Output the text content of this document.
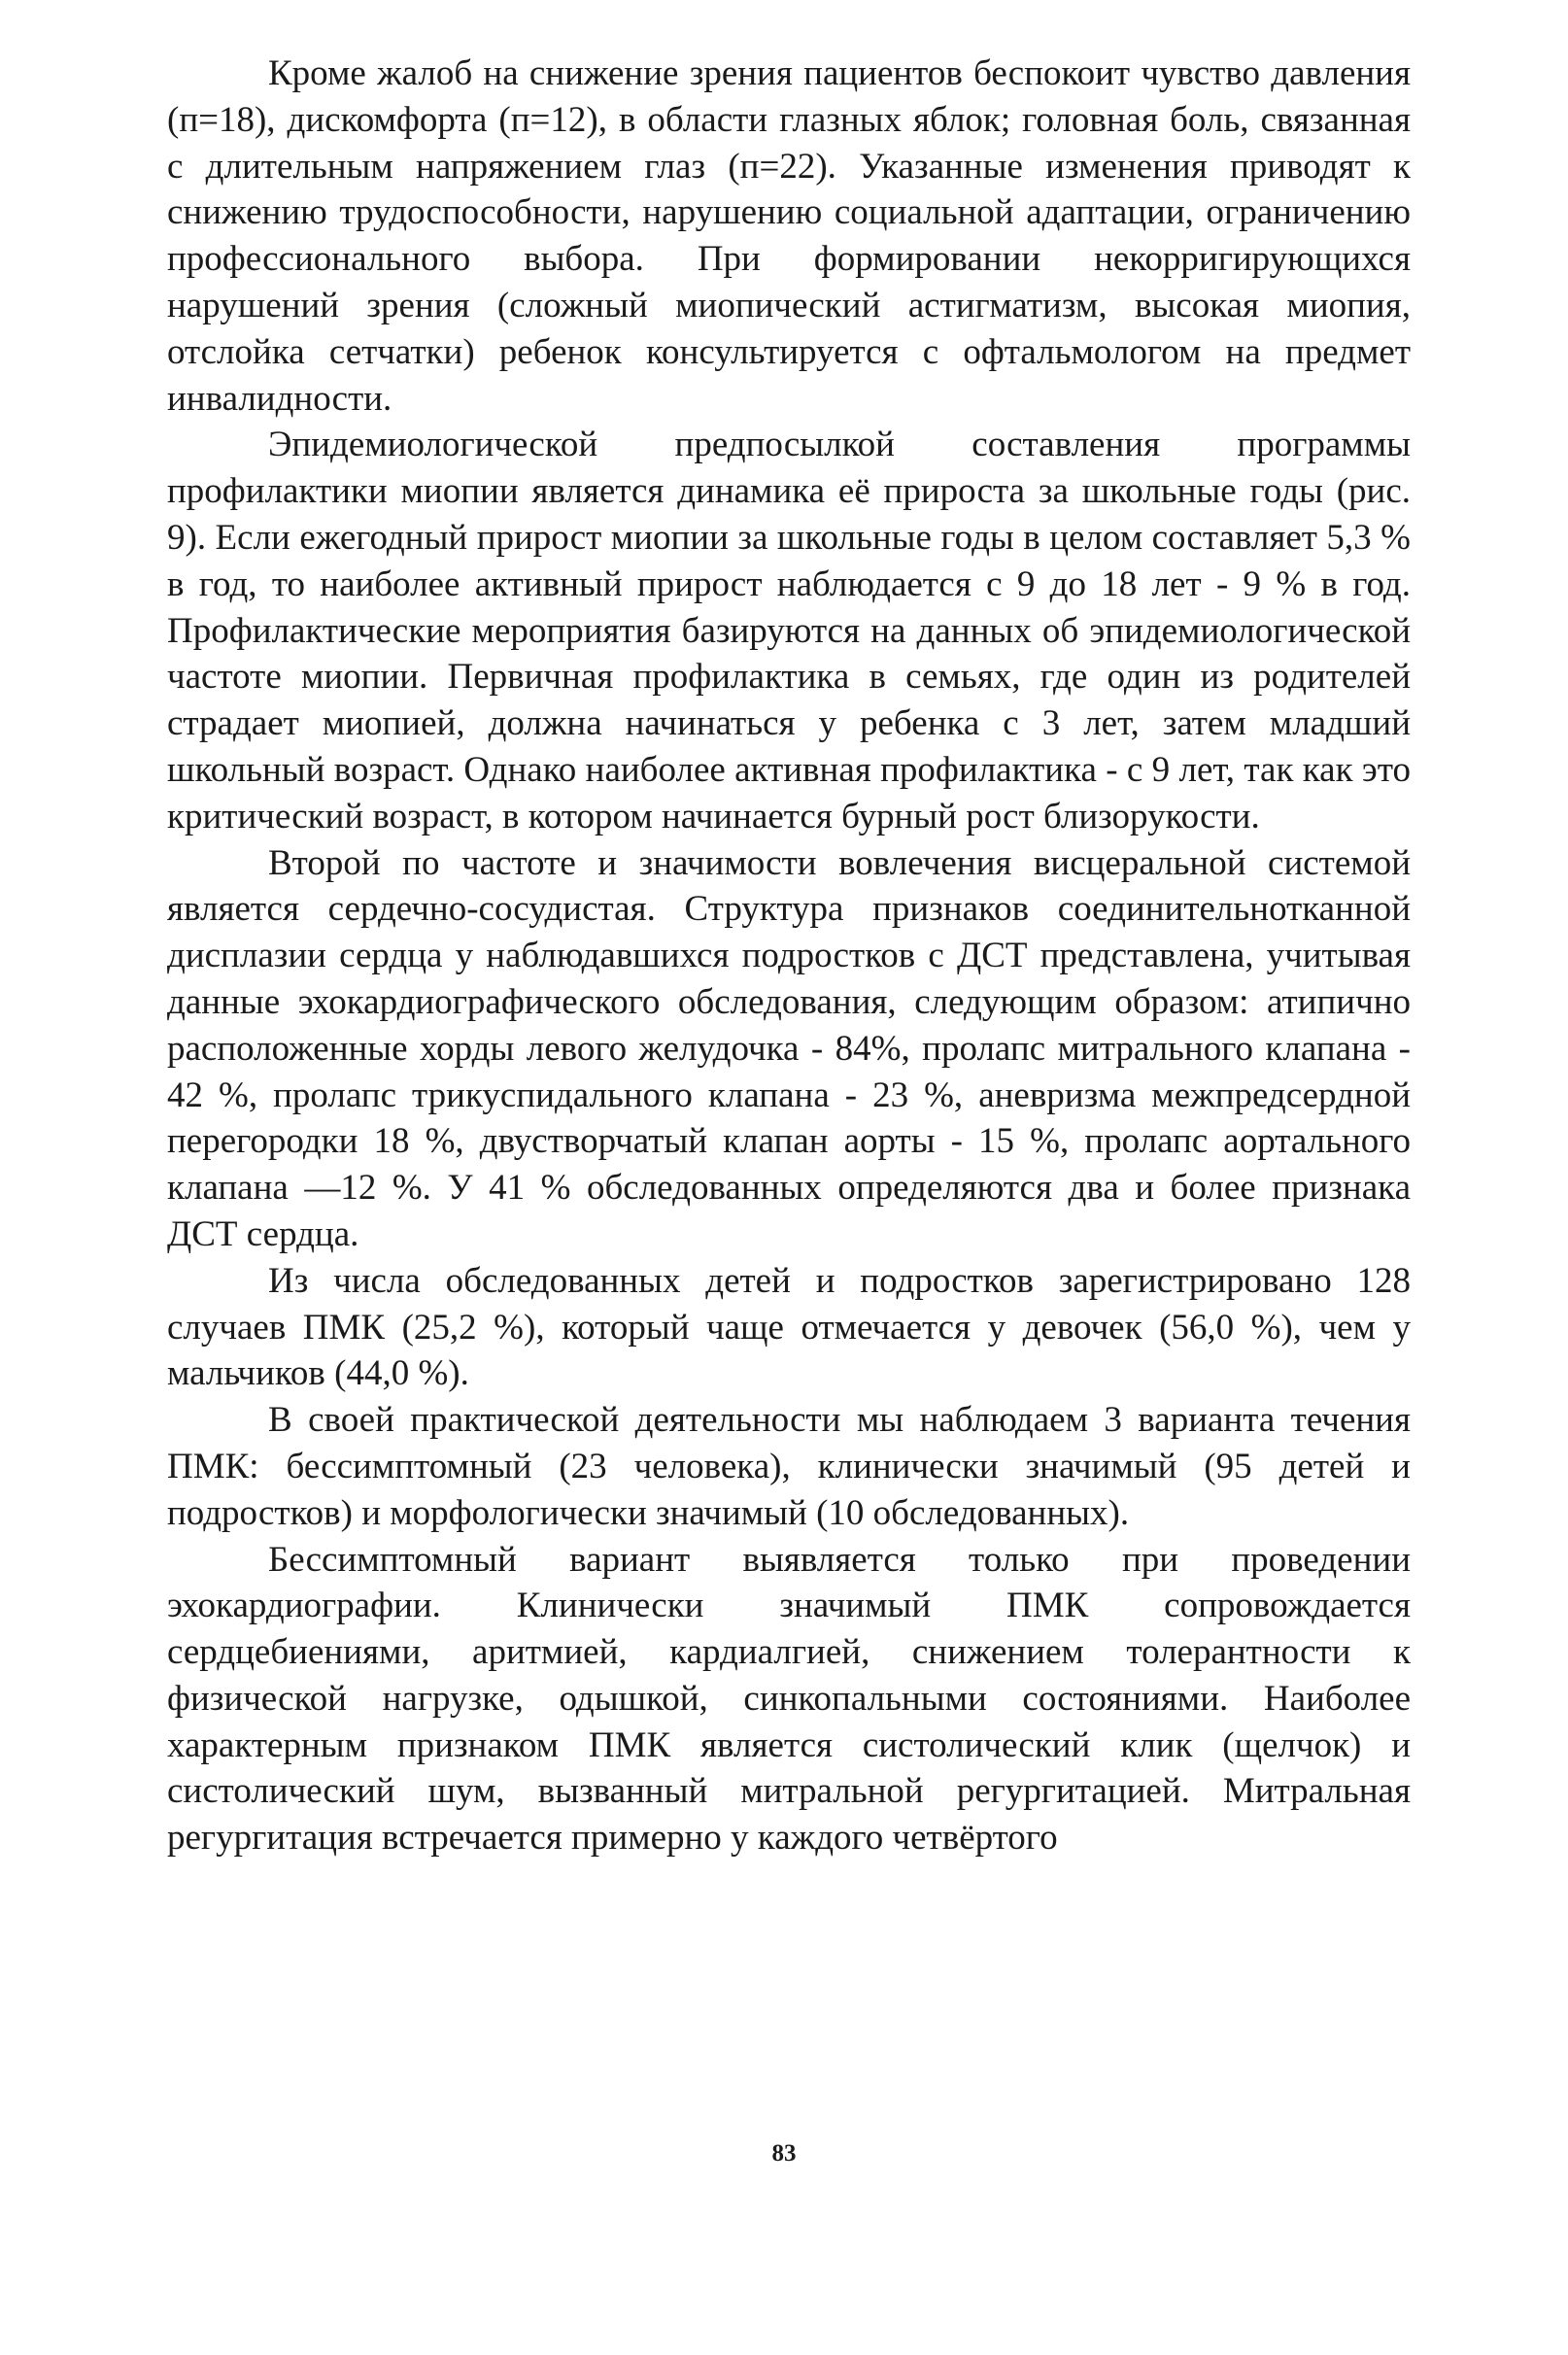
Кроме жалоб на снижение зрения пациентов беспокоит чувство давления (п=18), дискомфорта (п=12), в области глазных яблок; головная боль, связанная с длительным напряжением глаз (п=22). Указанные изменения приводят к снижению трудоспособности, нарушению социальной адаптации, ограничению профессионального выбора. При формировании некорригирующихся нарушений зрения (сложный миопический астигматизм, высокая миопия, отслойка сетчатки) ребенок консультируется с офтальмологом на предмет инвалидности.

Эпидемиологической предпосылкой составления программы профилактики миопии является динамика её прироста за школьные годы (рис. 9). Если ежегодный прирост миопии за школьные годы в целом составляет 5,3 % в год, то наиболее активный прирост наблюдается с 9 до 18 лет - 9 % в год. Профилактические мероприятия базируются на данных об эпидемиологической частоте миопии. Первичная профилактика в семьях, где один из родителей страдает миопией, должна начинаться у ребенка с 3 лет, затем младший школьный возраст. Однако наиболее активная профилактика - с 9 лет, так как это критический возраст, в котором начинается бурный рост близорукости.

Второй по частоте и значимости вовлечения висцеральной системой является сердечно-сосудистая. Структура признаков соединительнотканной дисплазии сердца у наблюдавшихся подростков с ДСТ представлена, учитывая данные эхокардиографического обследования, следующим образом: атипично расположенные хорды левого желудочка - 84%, пролапс митрального клапана - 42 %, пролапс трикуспидального клапана - 23 %, аневризма межпредсердной перегородки 18 %, двустворчатый клапан аорты - 15 %, пролапс аортального клапана —12 %. У 41 % обследованных определяются два и более признака ДСТ сердца.

Из числа обследованных детей и подростков зарегистрировано 128 случаев ПМК (25,2 %), который чаще отмечается у девочек (56,0 %), чем у мальчиков (44,0 %).

В своей практической деятельности мы наблюдаем 3 варианта течения ПМК: бессимптомный (23 человека), клинически значимый (95 детей и подростков) и морфологически значимый (10 обследованных).

Бессимптомный вариант выявляется только при проведении эхокардиографии. Клинически значимый ПМК сопровождается сердцебиениями, аритмией, кардиалгией, снижением толерантности к физической нагрузке, одышкой, синкопальными состояниями. Наиболее характерным признаком ПМК является систолический клик (щелчок) и систолический шум, вызванный митральной регургитацией. Митральная регургитация встречается примерно у каждого четвёртого

83
